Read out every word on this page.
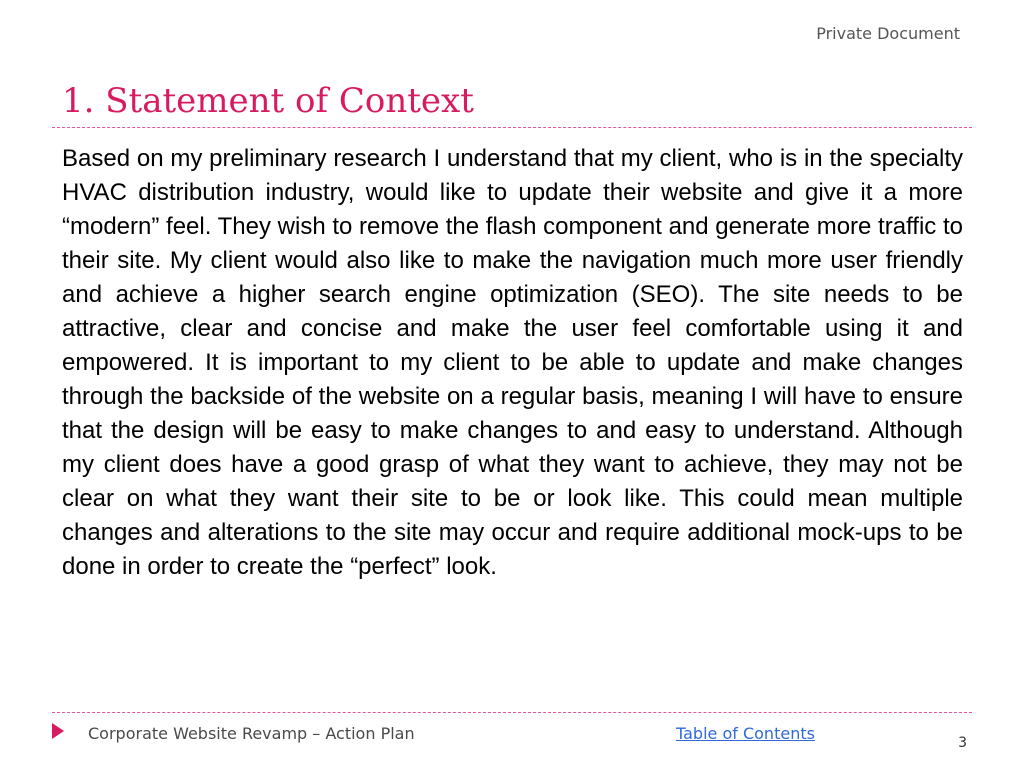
Private Document
1. Statement of Context

Based on my preliminary research I understand that my client, who is in the specialty HVAC distribution industry, would like to update their website and give it a more “modern” feel. They wish to remove the flash component and generate more traffic to their site. My client would also like to make the navigation much more user friendly and achieve a higher search engine optimization (SEO). The site needs to be attractive, clear and concise and make the user feel comfortable using it and empowered. It is important to my client to be able to update and make changes through the backside of the website on a regular basis, meaning I will have to ensure that the design will be easy to make changes to and easy to understand. Although my client does have a good grasp of what they want to achieve, they may not be clear on what they want their site to be or look like. This could mean multiple changes and alterations to the site may occur and require additional mock-ups to be done in order to create the “perfect” look.

Corporate Website Revamp – Action Plan	Table of Contents	3
